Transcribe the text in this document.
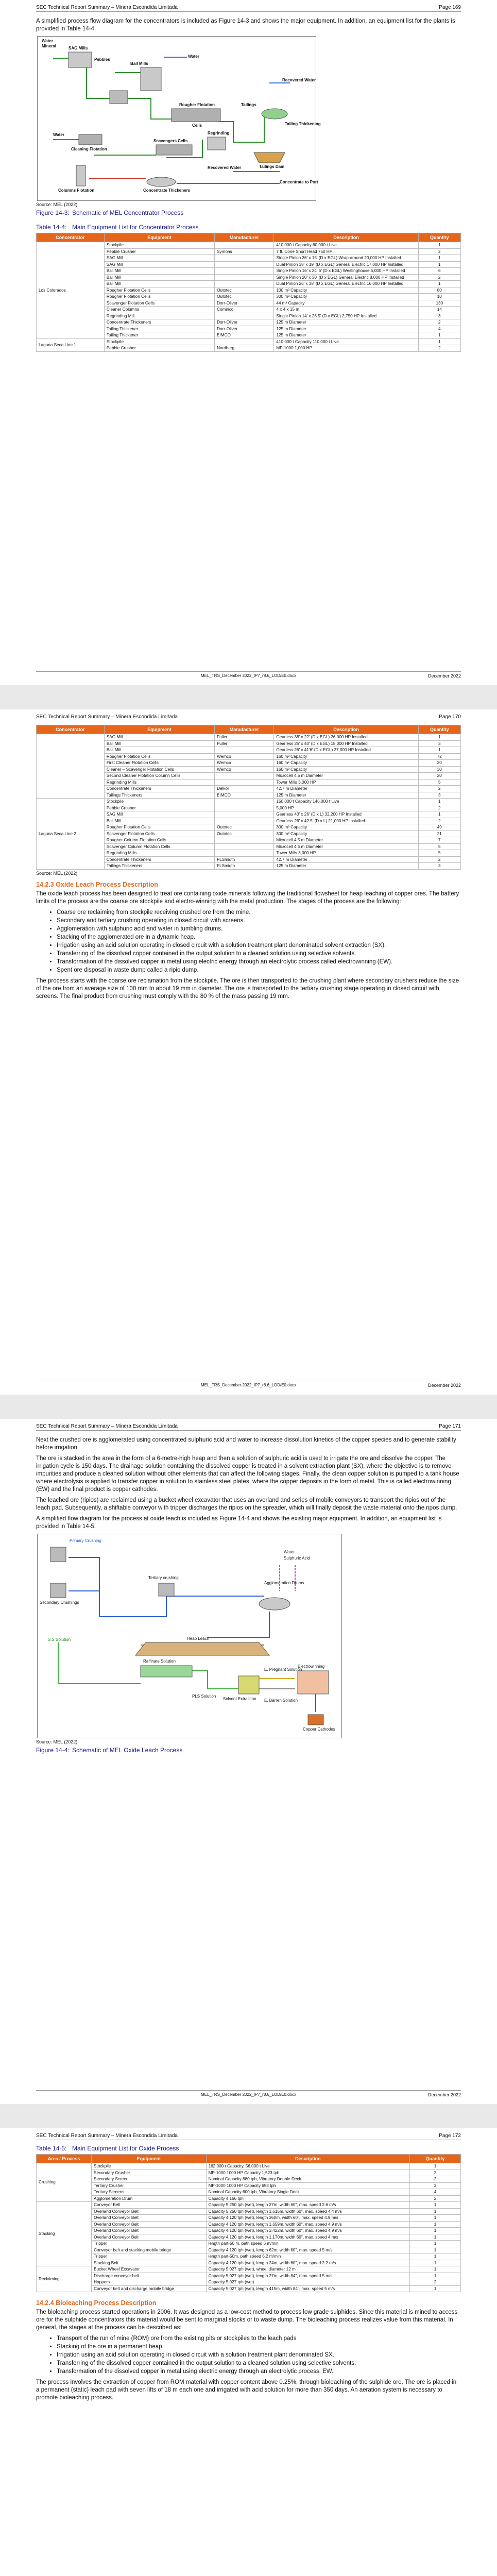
SEC Technical Report Summary – Minera Escondida Limitada	Page 169

A simplified process flow diagram for the concentrators is included as Figure 14-3 and shows the major equipment. In addition, an equipment list for the plants is provided in Table 14-4.

Water
Mineral	SAG Mills
Pebbles
Ball Mills
Water
Rougher Flotation
Cells
Tailings
Recovered Water
Tailing Thickening
Water
Cleaning Flotation
Scavengers Cells
Regrinding
Tailings Dam
Columns Flotation	Concentrate Thickeners
Recovered Water
Concentrate to Port
Source: MEL (2022)
Figure 14-3: Schematic of MEL Concentrator Process
Table 14-4: Main Equipment List for Concentrator Process
Concentrator	Equipment	Manufacturer	Description	Quantity
Los Colorados	Stockpile		410,000 t Capacity 60,000 t Live	1
	Pebble Crusher	Symons	7 ft. Cone Short Head 750 HP	2
	SAG Mill		Single Pinion 36' x 15' (D x EGL) Wrap-around 20,000 HP Installed	1
	SAG Mill		Dual Pinion 38' x 19' (D x EGL) General Electric 17,000 HP Installed	1
	Ball Mill		Single Pinion 16' x 24' 6' (D x EGL) Westinghouse 5,000 HP Installed	6
	Ball Mill		Single Pinion 20' x 30' (D x EGL) General Electric 8,000 HP Installed	2
	Ball Mill		Dual Pinion 26' x 38' (D x EGL) General Electric 16,000 HP Installed	1
	Rougher Flotation Cells	Outotec	100 m³ Capacity	80
	Rougher Flotation Cells	Outotec	300 m³ Capacity	10
	Scavenger Flotation Cells	Dorr-Oliver	44 m³ Capacity	130
	Cleaner Columns	Cominco	4 x 4 x 15 m	14
	Regrinding Mill		Single Pinion 14' x 26.5' (D x EGL) 2,750 HP Installed	3
	Concentrate Thickeners	Dorr-Oliver	125 m Diameter	2
	Tailing Thickener	Dorr-Oliver	125 m Diameter	4
	Tailing Thickener	EIMCO	125 m Diameter	1
Laguna Seca Line 1	Stockpile		410,000 t Capacity 110,000 t Live	1
	Pebble Crusher	Nordberg	MP-1000 1,000 HP	2
MEL_TRS_December 2022_IP7_r8.6_LOD/E0.docx	December 2022
SEC Technical Report Summary – Minera Escondida Limitada	Page 170
Concentrator	Equipment	Manufacturer	Description	Quantity
	SAG Mill	Fuller	Gearless 38' x 22' (D x EGL) 26,000 HP Installed	1
	Ball Mill	Fuller	Gearless 25' x 40' (D x EGL) 18,000 HP Installed	3
	Ball Mill		Gearless 26' x 41'6' (D x EGL) 27,000 HP Installed	1
	Rougher Flotation Cells	Wemco	160 m³ Capacity	72
	First Cleaner Flotation Cells	Wemco	160 m³ Capacity	20
	Cleaner – Scavenger Flotation Cells	Wemco	160 m³ Capacity	30
	Second Cleaner Flotation Column Cells		Microcell 4.5 m Diameter	20
	Regrinding Mills		Tower Mills 3,000 HP	5
	Concentrate Thickeners	Delkor	42.7 m Diameter	2
	Tailings Thickeners	EIMCO	125 m Diameter	3
Laguna Seca Line 2	Stockpile		150,000 t Capacity 146,000 t Live	1
	Pebble Crusher		5,000 HP	2
	SAG Mill		Gearless 40' x 26' (D x L) 32,200 HP Installed	1
	Ball Mill		Gearless 26' x 42.5' (D x L) 21,000 HP Installed	2
	Rougher Flotation Cells	Outotec	300 m³ Capacity	49
	Scavenger Flotation Cells	Outotec	300 m³ Capacity	21
	Rougher Column Flotation Cells		Microcell 4.5 m Diameter	7
	Scavenger Column Flotation Cells		Microcell 4.5 m Diameter	5
	Regrinding Mills		Tower Mills 3,000 HP	5
	Concentrate Thickeners	FLSmidth	42.7 m Diameter	2
	Tailings Thickeners	FLSmidth	125 m Diameter	3
Source: MEL (2022)
14.2.3 Oxide Leach Process Description

The oxide leach process has been designed to treat ore containing oxide minerals following the traditional flowsheet for heap leaching of copper ores. The battery limits of the process are the coarse ore stockpile and electro-winning with the metal production. The stages of the process are the following:

• Coarse ore reclaiming from stockpile receiving crushed ore from the mine.
• Secondary and tertiary crushing operating in closed circuit with screens.
• Agglomeration with sulphuric acid and water in tumbling drums.
• Stacking of the agglomerated ore in a dynamic heap.
• Irrigation using an acid solution operating in closed circuit with a solution treatment plant denominated solvent extraction (SX).
• Transferring of the dissolved copper contained in the output solution to a cleaned solution using selective solvents.
• Transformation of the dissolved copper in metal using electric energy through an electrolytic process called electrowinning (EW).
• Spent ore disposal in waste dump called a ripio dump.

The process starts with the coarse ore reclamation from the stockpile. The ore is then transported to the crushing plant where secondary crushers reduce the size of the ore from an average size of 100 mm to about 19 mm in diameter. The ore is transported to the tertiary crushing stage operating in closed circuit with screens. The final product from crushing must comply with the 80 % of the mass passing 19 mm.

MEL_TRS_December 2022_IP7_r8.6_LOD/E0.docx	December 2022
SEC Technical Report Summary – Minera Escondida Limitada	Page 171

Next the crushed ore is agglomerated using concentrated sulphuric acid and water to increase dissolution kinetics of the copper species and to generate stability before irrigation.

The ore is stacked in the area in the form of a 6-metre-high heap and then a solution of sulphuric acid is used to irrigate the ore and dissolve the copper. The irrigation cycle is 150 days. The drainage solution containing the dissolved copper is treated in a solvent extraction plant (SX), where the objective is to remove impurities and produce a cleaned solution without other elements that can affect the following stages. Finally, the clean copper solution is pumped to a tank house where electrolysis is applied to transfer copper in solution to stainless steel plates, where the copper deposits in the form of metal. This is called electrowinning (EW) and the final product is copper cathodes.

The leached ore (ripios) are reclaimed using a bucket wheel excavator that uses an overland and series of mobile conveyors to transport the ripios out of the leach pad. Subsequently, a shiftable conveyor with tripper discharges the ripios on the spreader, which will finally deposit the waste material onto the ripos dump.

A simplified flow diagram for the process at oxide leach is included as Figure 14-4 and shows the existing major equipment. In addition, an equipment list is provided in Table 14-5.

Primary Crushing
Secondary Crushings
Tertiary crushing
Water
Sulphuric Acid
Agglomeration Drums
S.S Solution	Heap Leach
Raffinate Solution
E. Pregnant Solution
Solvent Extraction
PLS Solution
E. Barren Solution
Electrowinning
Copper Cathodes
Source: MEL (2022)
Figure 14-4: Schematic of MEL Oxide Leach Process
MEL_TRS_December 2022_IP7_r8.6_LOD/E0.docx	December 2022
SEC Technical Report Summary – Minera Escondida Limitada	Page 172
Table 14-5: Main Equipment List for Oxide Process
Area / Process	Equipment	Description	Quantity
Crushing	Stockpile	162,000 t Capacity, 56,000 t Live	1
	Secondary Crusher	MP-1000 1000 HP Capacity 1,523 tph	2
	Secondary Screen	Nominal Capacity 880 tph, Vibratory Double Deck	2
	Tertiary Crusher	MP-1000 1000 HP Capacity 653 tph	3
	Tertiary Screens	Nominal Capacity 600 tph, Vibratory Single Deck	4
	Agglomeration Drum	Capacity 4,166 tph	2
Stacking	Conveyor Belt	Capacity 5,250 tph (wet), length 27m, width 60", max. speed 2.6 m/s	1
	Overland Conveyor Belt	Capacity 5,250 tph (wet), length 1,615m, width 60", max. speed 4.4 m/s	1
	Overland Conveyor Belt	Capacity 4,120 tph (wet), length 360m, width 60", max. speed 4.9 m/s	1
	Overland Conveyor Belt	Capacity 4,120 tph (wet), length 1,659m, width 60", max. speed 4.9 m/s	1
	Overland Conveyor Belt	Capacity 4,120 tph (wet), length 3,422m, width 60", max. speed 4.9 m/s	1
	Overland Conveyor Belt	Capacity 4,120 tph (wet), length 1,170m, width 60", max. speed 4 m/s	1
	Tripper	length part-50 m, path speed 6 m/min	1
	Conveyor belt and stacking mobile bridge	Capacity 4,120 tph (wet), length 62m, width 60", max. speed 5 m/s	1
	Tripper	length part-50m, path speed 6.2 m/min	1
	Stacking Belt	Capacity 4,120 tph (wet), length 24m, width 60", max. speed 2.2 m/s	1
Reclaiming	Bucket Wheel Excavator	Capacity 5,027 tph (wet), wheel diameter 12 m	1
	Discharge conveyor belt	Capacity 5,027 tph (wet), length 27m, width 84", max. speed 5 m/s	1
	Hoppers	Capacity 5,027 tph (wet)	2
	Conveyor belt and discharge mobile bridge	Capacity 5,027 tph (wet), length 415m, width 84", max. speed 5 m/s	1
14.2.4 Bioleaching Process Description

The bioleaching process started operations in 2006. It was designed as a low-cost method to process low grade sulphides. Since this material is mined to access ore for the sulphide concentrators this material would be sent to marginal stocks or to waste dump. The bioleaching process realizes value from this material. In general, the stages at the process can be described as:

• Transport of the run of mine (ROM) ore from the existing pits or stockpiles to the leach pads
• Stacking of the ore in a permanent heap.
• Irrigation using an acid solution operating in closed circuit with a solution treatment plant denominated SX.
• Transferring of the dissolved copper contained in the output solution to a cleaned solution using selective solvents.
• Transformation of the dissolved copper in metal using electric energy through an electrolytic process, EW.

The process involves the extraction of copper from ROM material with copper content above 0.25%, through bioleaching of the sulphide ore. The ore is placed in a permanent (static) leach pad with seven lifts of 18 m each one and irrigated with acid solution for more than 350 days. An aeration system is necessary to promote bioleaching process.
